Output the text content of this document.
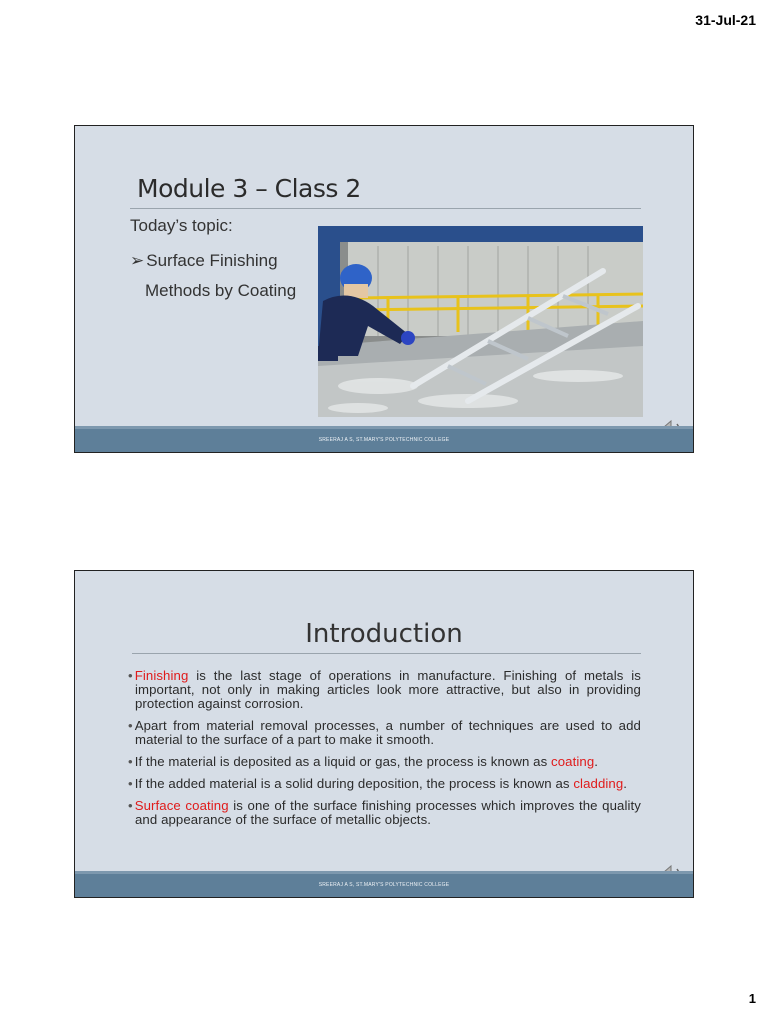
31-Jul-21
Module 3 – Class 2
Today’s topic:
➢ Surface Finishing
Methods by Coating
SREERAJ A S, ST.MARY'S POLYTECHNIC COLLEGE
Introduction
• Finishing is the last stage of operations in manufacture. Finishing of metals is important, not only in making articles look more attractive, but also in providing protection against corrosion.
• Apart from material removal processes, a number of techniques are used to add material to the surface of a part to make it smooth.
• If the material is deposited as a liquid or gas, the process is known as coating.
• If the added material is a solid during deposition, the process is known as cladding.
• Surface coating is one of the surface finishing processes which improves the quality and appearance of the surface of metallic objects.
SREERAJ A S, ST.MARY'S POLYTECHNIC COLLEGE
1
